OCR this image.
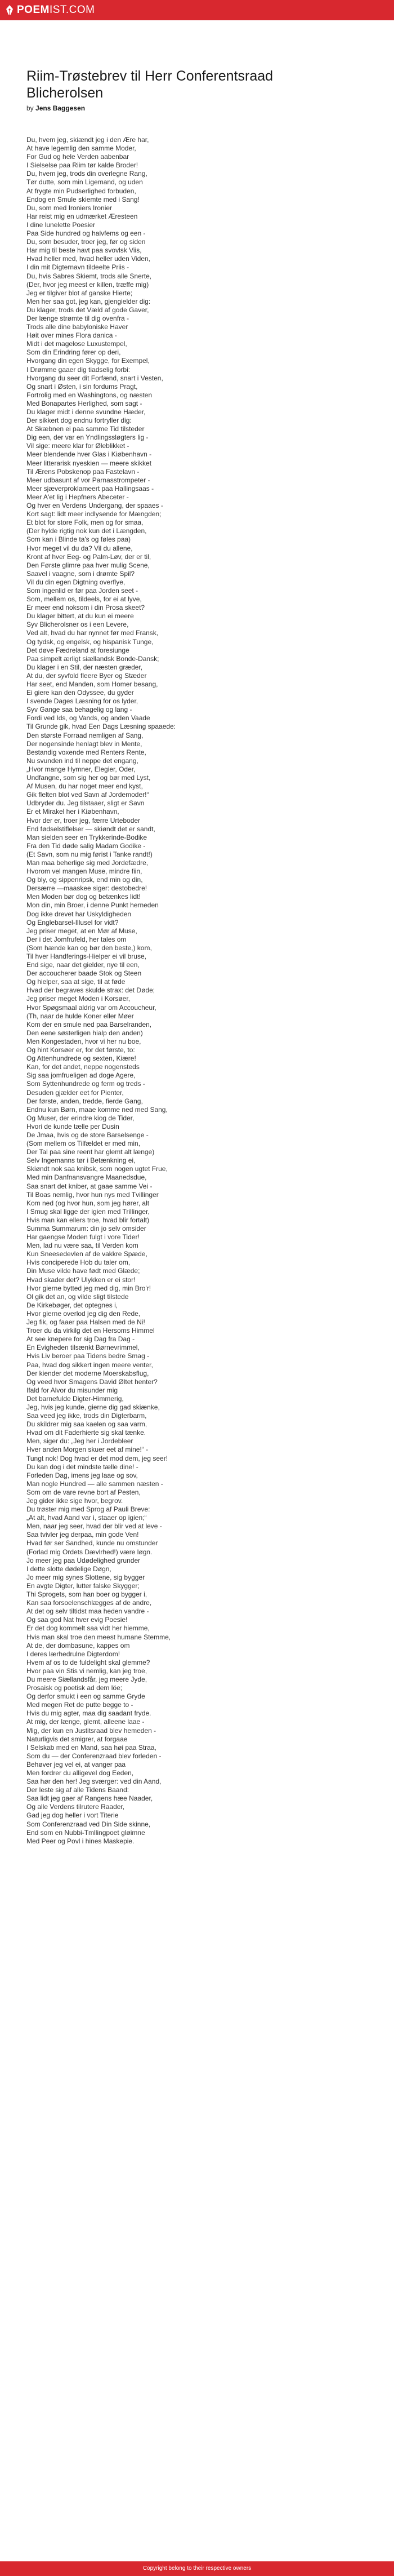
POEMIST.COM
Riim-Trøstebrev til Herr Conferentsraad Blicherolsen
by Jens Baggesen
Du, hvem jeg, skiændt jeg i den Ære har,
At have legemlig den samme Moder,
For Gud og hele Verden aabenbar
I Sielselse paa Riim tør kalde Broder!
Du, hvem jeg, trods din overlegne Rang,
Tør dutte, som min Ligemand, og uden
At frygte min Pudserlighed forbuden,
Endog en Smule skiemte med i Sang!
Du, som med Ironiers Ironier
Har reist mig en udmærket Æresteen
I dine lunelette Poesier
Paa Side hundred og halvfems og een -
Du, som besuder, troer jeg, før og siden
Har mig til beste havt paa svovlsk Viis,
Hvad heller med, hvad heller uden Viden,
I din mit Digternavn tildeelte Priis -
Du, hvis Sabres Skiemt, trods alle Snerte,
(Der, hvor jeg meest er killen, træffe mig)
Jeg er tilgiver blot af ganske Hierte;
Men her saa got, jeg kan, gjengielder dig:
Du klager, trods det Væld af gode Gaver,
Der længe strømte til dig ovenfra -
Trods alle dine babyloniske Haver
Høit over mines Flora danica -
Midt i det magelose Luxustempel,
Som din Erindring fører op deri,
Hvorgang din egen Skygge, for Exempel,
I Drømme gaaer dig tiadselig forbi:
Hvorgang du seer dit Forfænd, snart i Vesten,
Og snart i Østen, i sin fordums Pragt,
Fortrolig med en Washingtons, og næsten
Med Bonapartes Herlighed, som sagt -
Du klager midt i denne svundne Hæder,
Der sikkert dog endnu fortryller dig:
At Skæbnen ei paa samme Tid tilsteder
Dig een, der var en Yndlingssløgters lig -
Vil sige: meere klar for Øleblikket -
Meer blendende hver Glas i Kiøbenhavn -
Meer litterarisk nyeskien — meere skikket
Til Ærens Pobskenop paa Fastelavn -
Meer udbasunt af vor Parnasstrompeter -
Meer sjæverproklameert paa Hallingsaas -
Meer A'et lig i Hepfners Abeceter -
Og hver en Verdens Undergang, der spaaes -
Kort sagt: lidt meer indlysende for Mængden;
Et blot for store Folk, men og for smaa,
(Der hylde rigtig nok kun det i Længden,
Som kan i Blinde ta's og føles paa)
Hvor meget vil du da? Vil du allene,
Kront af hver Eeg- og Palm-Løv, der er til,
Den Første glimre paa hver mulig Scene,
Saavel i vaagne, som i drømte Spil?
Vil du din egen Digtning overflye,
Som ingenlid er før paa Jorden seet -
Som, mellem os, tildeels, for ei at lyve,
Er meer end noksom i din Prosa skeet?
Du klager bittert, at du kun ei meere
Syv Blicherolsner os i een Levere,
Ved alt, hvad du har nynnet før med Fransk,
Og tydsk, og engelsk, og hispanisk Tunge,
Det døve Fædreland at foresiunge
Paa simpelt ærligt siællandsk Bonde-Dansk;
Du klager i en Stil, der næsten græder,
At du, der syvfold fleere Byer og Stæder
Har seet, end Manden, som Homer besang,
Ei giere kan den Odyssee, du gyder
I svende Dages Læsning for os lyder,
Syv Gange saa behagelig og lang -
Fordi ved Ids, og Vands, og anden Vaade
Til Grunde gik, hvad Een Dags Læsning spaaede:
Den største Forraad nemligen af Sang,
Der nogensinde henlagt blev in Mente,
Bestandig voxende med Renters Rente,
Nu svunden ind til neppe det engang,
„Hvor mange Hymner, Elegier, Oder,
Undfangne, som sig her og bør med Lyst,
Af Musen, du har noget meer end kyst,
Gik flelten blot ved Savn af Jordemoder!“
Udbryder du. Jeg tilstaaer, sligt er Savn
Er et Mirakel her i Kiøbenhavn,
Hvor der er, troer jeg, færre Urteboder
End fødselstiflelser — skiøndt det er sandt,
Man sielden seer en Trykkerinde-Bodike
Fra den Tid døde salig Madam Godike -
(Et Savn, som nu mig førist i Tanke randt!)
Man maa beherlige sig med Jordefædre,
Hvorom vel mangen Muse, mindre fiin,
Og bly, og sippenripsk, end min og din,
Dersærre —maaskee siger: destobedre!
Men Moden bør dog og betænkes lidt!
Mon din, min Broer, i denne Punkt herneden
Dog ikke drevet har Uskyldigheden
Og Englebarsel-Illusel for vidt?
Jeg priser meget, at en Mør af Muse,
Der i det Jomfrufeld, her tales om
(Som hænde kan og bør den beste,) kom,
Til hver Handferings-Hielper ei vil bruse,
End sige, naar det gielder, nye til een,
Der accoucherer baade Stok og Steen
Og hielper, saa at sige, til at føde
Hvad der begraves skulde strax: det Døde;
Jeg priser meget Moden i Korsøer,
Hvor Spøgsmaal aldrig var om Accoucheur,
(Th, naar de hulde Koner eller Møer
Kom der en smule ned paa Barselranden,
Den eene søsterligen hialp den anden)
Men Kongestaden, hvor vi her nu boe,
Og hint Korsøer er, for det første, to:
Og Attenhundrede og sexten, Kiære!
Kan, for det andet, neppe nogensteds
Sig saa jomfrueligen ad doge Agere,
Som Syttenhundrede og ferm og treds -
Desuden gjælder eet for Pienter,
Der første, anden, tredde, fierde Gang,
Endnu kun Børn, maae komme ned med Sang,
Og Muser, der erindre kiog de Tider,
Hvori de kunde tælle per Dusin
De Jmaa, hvis og de store Barselsenge -
(Som mellem os Tilfældet er med min,
Der Tal paa sine reent har glemt alt længe)
Selv Ingemanns tør i Betænkning ei,
Skiøndt nok saa knibsk, som nogen ugtet Frue,
Med min Danfnansvangre Maanedsdue,
Saa snart det kniber, at gaae samme Vei -
Til Boas nemlig, hvor hun nys med Tvillinger
Kom ned (og hvor hun, som jeg hører, alt
I Smug skal ligge der igien med Trillinger,
Hvis man kan ellers troe, hvad blir fortalt)
Summa Summarum: din jo selv omsider
Har gaengse Moden fulgt i vore Tider!
Men, lad nu være saa, til Verden kom
Kun Sneesedevlen af de vakkre Spæde,
Hvis conciperede Hob du taler om,
Din Muse vilde have født med Glæde;
Hvad skader det? Ulykken er ei stor!
Hvor gierne bytted jeg med dig, min Bro'r!
Ol gik det an, og vilde sligt tilstede
De Kirkebøger, det optegnes i,
Hvor gierne overlod jeg dig den Rede,
Jeg fik, og faaer paa Halsen med de Ni!
Troer du da virkilg det en Hersoms Himmel
At see knepere for sig Dag fra Dag -
En Evigheden tilsænkt Børnevrimmel,
Hvis Liv beroer paa Tidens bedre Smag -
Paa, hvad dog sikkert ingen meere venter,
Der kiender det moderne Moerskabsflug,
Og veed hvor Smagens David Øltet henter?
Ifald for Alvor du misunder mig
Det barnefulde Digter-Himmerig,
Jeg, hvis jeg kunde, gierne dig gad skiænke,
Saa veed jeg ikke, trods din Digterbarm,
Du skildrer mig saa kaelen og saa varm,
Hvad om dit Faderhierte sig skal tænke.
Men, siger du: „Jeg her i Jordebleer
Hver anden Morgen skuer eet af mine!“ -
Tungt nok! Dog hvad er det mod dem, jeg seer!
Du kan dog i det mindste tælle dine! -
Forleden Dag, imens jeg laae og sov,
Man nogle Hundred — alle sammen næsten -
Som om de vare revne bort af Pesten,
Jeg gider ikke sige hvor, begrov.
Du trøster mig med Sprog af Pauli Breve:
„At alt, hvad Aand var i, staaer op igien;“
Men, naar jeg seer, hvad der blir ved at leve -
Saa tvivler jeg derpaa, min gode Ven!
Hvad før ser Sandhed, kunde nu omstunder
(Forlad mig Ordets Dævlrhed!) være løgn.
Jo meer jeg paa Udødelighed grunder
I dette slotte dødelige Døgn,
Jo meer mig synes Slottene, sig bygger
En avgte Digter, lutter falske Skygger;
Thi Sprogets, som han boer og bygger i,
Kan saa forsoelenschlægges af de andre,
At det og selv tiltidst maa heden vandre -
Og saa god Nat hver evig Poesie!
Er det dog kommelt saa vidt her hiemme,
Hvis man skal troe den meest humane Stemme,
At de, der dombasune, kappes om
I deres lærhedrulne Digterdom!
Hvem af os to de fuldelight skal glemme?
Hvor paa vin Stis vi nemlig, kan jeg troe,
Du meere Siællandsfår, jeg meere Jyde,
Prosaisk og poetisk ad dem löe;
Og derfor smukt i een og samme Gryde
Med megen Ret de putte begge to -
Hvis du mig agter, maa dig saadant fryde.
At mig, der længe, glemt, alleene laae -
Mig, der kun en Justitsraad blev hemeden -
Naturligvis det smigrer, at forgaae
I Selskab med en Mand, saa høi paa Straa,
Som du — der Conferenzraad blev forleden -
Behøver jeg vel ei, at vanger paa
Men fordrer du alligevel dog Eeden,
Saa hør den her! Jeg sværger: ved din Aand,
Der leste sig af alle Tidens Baand:
Saa lidt jeg gaer af Rangens hæe Naader,
Og alle Verdens tilrutere Raader,
Gad jeg dog heller i vort Titerie
Som Conferenzraad ved Din Side skinne,
End som en Nubbi-Tmllingpoet gløimne
Med Peer og Povl i hines Maskepie.
Copyright belong to their respective owners
